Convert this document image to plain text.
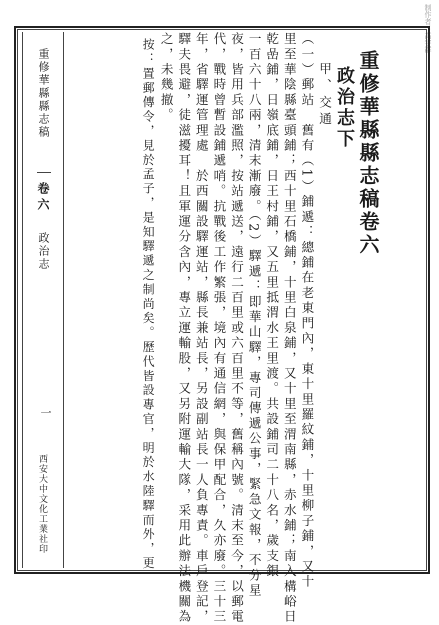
制作者：高宇群
重修華縣縣志稿卷六
政治志下
甲、交通
（一）郵站　舊有（1）鋪遞：總鋪在老東門內，東十里羅紋鋪，十里柳子鋪，又十
里至華陰縣臺頭鋪；西十里石橋鋪，十里白泉鋪，又十里至渭南縣，赤水鋪；南入構峪日
乾嵒鋪，日嶺底鋪，日王村鋪，又五里抵渭水王里渡。共設鋪司二十八名，歲支銀
一百六十八兩，清末漸廢。（2）驛遞：即華山驛，專司傳遞公事，緊急文報，不分星
夜，皆用兵部濫照，按站遞送，遠行二百里或六百里不等，舊稱內號。清末至今，以郵電
代，戰時曾暫設鋪遞哨。抗戰後工作繁張，境內有通信網，與保甲配合，久亦廢。三十三
年，省驛運管理處　於西關設驛運站，縣長兼站長，另設副站長一人負專責。車戶登記，
驛夫畏避，徒滋擾耳！且軍運分含內，專立運輸股，又另附運輸大隊，采用此辦法機關為
之，未幾撤。
按：置郵傳令，見於孟子，是知驛遞之制尚矣。歷代皆設專官，明於水陸驛而外，更
重修華縣縣志稿
卷六
政治志
一
西安大中文化工業社印
